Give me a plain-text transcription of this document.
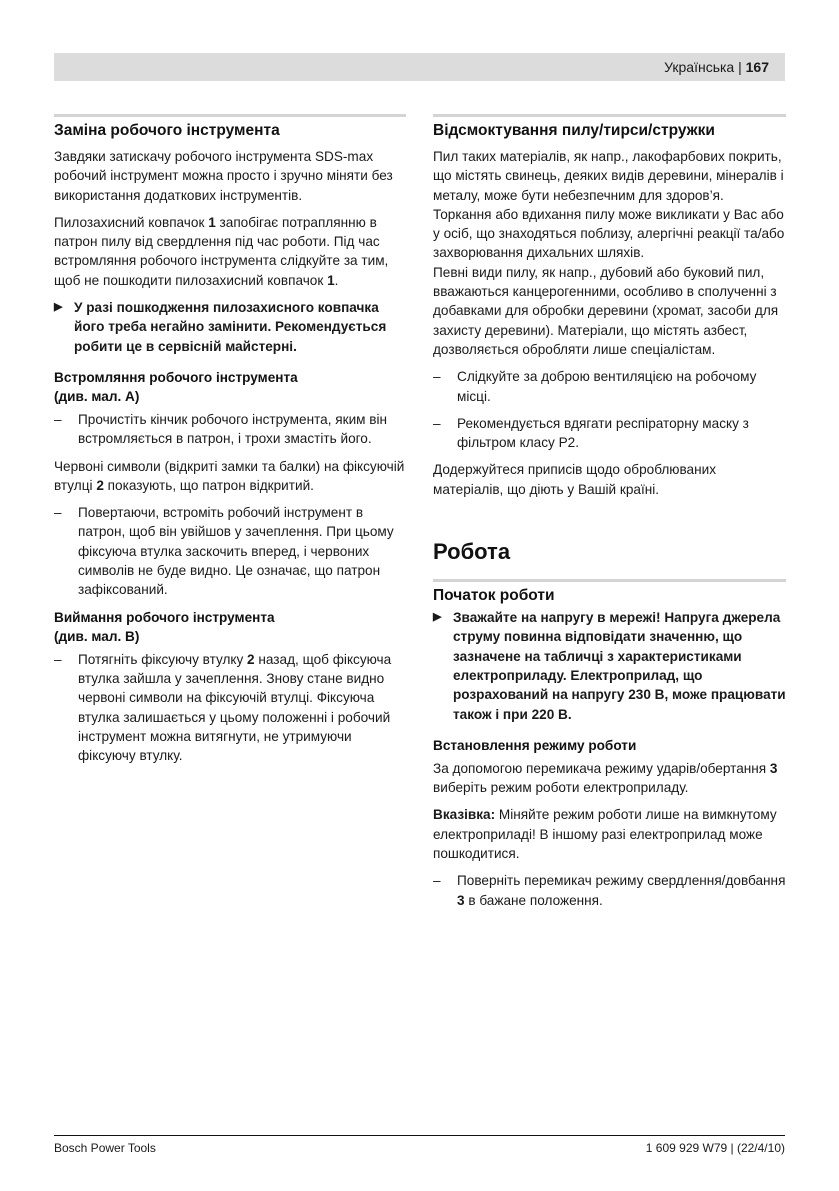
Українська | 167
Заміна робочого інструмента

Завдяки затискачу робочого інструмента SDS-max робочий інструмент можна просто і зручно міняти без використання додаткових інструментів.

Пилозахисний ковпачок 1 запобігає потраплянню в патрон пилу від свердлення під час роботи. Під час встромляння робочого інструмента слідкуйте за тим, щоб не пошкодити пилозахисний ковпачок 1.

▶ У разі пошкодження пилозахисного ковпачка його треба негайно замінити. Рекомендується робити це в сервісній майстерні.
Встромляння робочого інструмента
(див. мал. A)
–	Прочистіть кінчик робочого інструмента, яким він встромляється в патрон, і трохи змастіть його.

Червоні символи (відкриті замки та балки) на фіксуючій втулці 2 показують, що патрон відкритий.

–	Повертаючи, встроміть робочий інструмент в патрон, щоб він увійшов у зачеплення. При цьому фіксуюча втулка заскочить вперед, і червоних символів не буде видно. Це означає, що патрон зафіксований.
Виймання робочого інструмента
(див. мал. B)
–	Потягніть фіксуючу втулку 2 назад, щоб фіксуюча втулка зайшла у зачеплення. Знову стане видно червоні символи на фіксуючій втулці. Фіксуюча втулка залишається у цьому положенні і робочий інструмент можна витягнути, не утримуючи фіксуючу втулку.
Відсмоктування пилу/тирси/стружки

Пил таких матеріалів, як напр., лакофарбових покрить, що містять свинець, деяких видів деревини, мінералів і металу, може бути небезпечним для здоров’я. Торкання або вдихання пилу може викликати у Вас або у осіб, що знаходяться поблизу, алергічні реакції та/або захворювання дихальних шляхів.

Певні види пилу, як напр., дубовий або буковий пил, вважаються канцерогенними, особливо в сполученні з добавками для обробки деревини (хромат, засоби для захисту деревини). Матеріали, що містять азбест, дозволяється обробляти лише спеціалістам.

–	Слідкуйте за доброю вентиляцією на робочому місці.
–	Рекомендується вдягати респіраторну маску з фільтром класу P2.

Додержуйтеся приписів щодо оброблюваних матеріалів, що діють у Вашій країні.

Робота
Початок роботи
▶ Зважайте на напругу в мережі! Напруга джерела струму повинна відповідати значенню, що зазначене на табличці з характеристиками електроприладу. Електроприлад, що розрахований на напругу 230 В, може працювати також і при 220 В.
Встановлення режиму роботи

За допомогою перемикача режиму ударів/обертання 3 виберіть режим роботи електроприладу.

Вказівка: Міняйте режим роботи лише на вимкнутому електроприладі! В іншому разі електроприлад може пошкодитися.

–	Поверніть перемикач режиму свердлення/довбання 3 в бажане положення.
Bosch Power Tools	1 609 929 W79 | (22/4/10)
